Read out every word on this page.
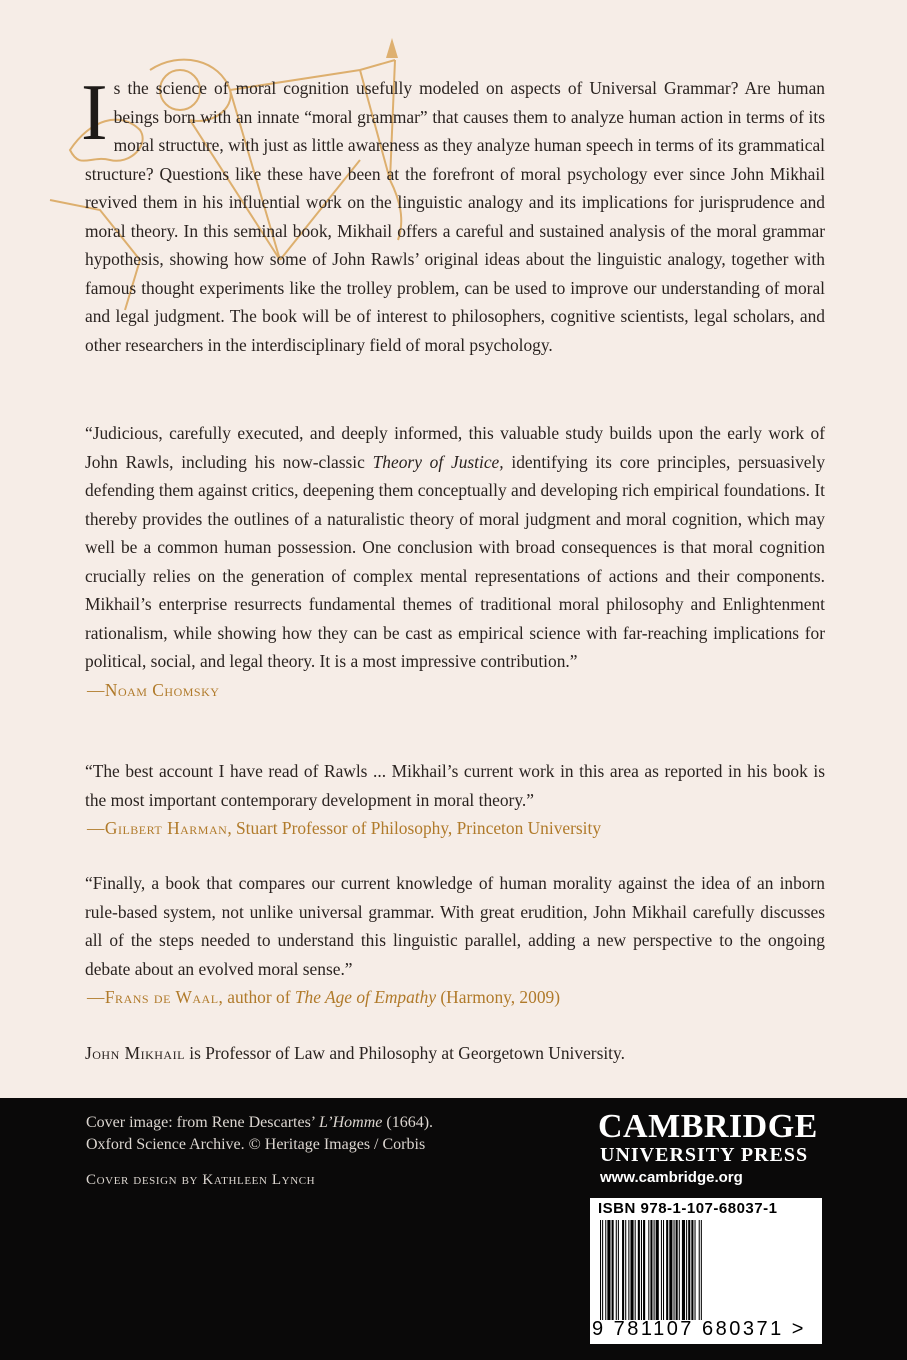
Is the science of moral cognition usefully modeled on aspects of Universal Grammar? Are human beings born with an innate “moral grammar” that causes them to analyze human action in terms of its moral structure, with just as little awareness as they analyze human speech in terms of its grammatical structure? Questions like these have been at the forefront of moral psychology ever since John Mikhail revived them in his influential work on the linguistic analogy and its implications for jurisprudence and moral theory. In this seminal book, Mikhail offers a careful and sustained analysis of the moral grammar hypothesis, showing how some of John Rawls’ original ideas about the linguistic analogy, together with famous thought experiments like the trolley problem, can be used to improve our understanding of moral and legal judgment. The book will be of interest to philosophers, cognitive scientists, legal scholars, and other researchers in the interdisciplinary field of moral psychology.

“Judicious, carefully executed, and deeply informed, this valuable study builds upon the early work of John Rawls, including his now-classic Theory of Justice, identifying its core principles, persuasively defending them against critics, deepening them conceptually and developing rich empirical foundations. It thereby provides the outlines of a naturalistic theory of moral judgment and moral cognition, which may well be a common human possession. One conclusion with broad consequences is that moral cognition crucially relies on the generation of complex mental representations of actions and their components. Mikhail’s enterprise resurrects fundamental themes of traditional moral philosophy and Enlightenment rationalism, while showing how they can be cast as empirical science with far-reaching implications for political, social, and legal theory. It is a most impressive contribution.”

—Noam Chomsky

“The best account I have read of Rawls ... Mikhail’s current work in this area as reported in his book is the most important contemporary development in moral theory.”

—Gilbert Harman, Stuart Professor of Philosophy, Princeton University

“Finally, a book that compares our current knowledge of human morality against the idea of an inborn rule-based system, not unlike universal grammar. With great erudition, John Mikhail carefully discusses all of the steps needed to understand this linguistic parallel, adding a new perspective to the ongoing debate about an evolved moral sense.”

—Frans de Waal, author of The Age of Empathy (Harmony, 2009)
John Mikhail is Professor of Law and Philosophy at Georgetown University.
Cover image: from Rene Descartes’ L’Homme (1664).
Oxford Science Archive. © Heritage Images / Corbis
Cover design by Kathleen Lynch
CAMBRIDGE
UNIVERSITY PRESS
www.cambridge.org
ISBN 978-1-107-68037-1
9 781107 680371 >
